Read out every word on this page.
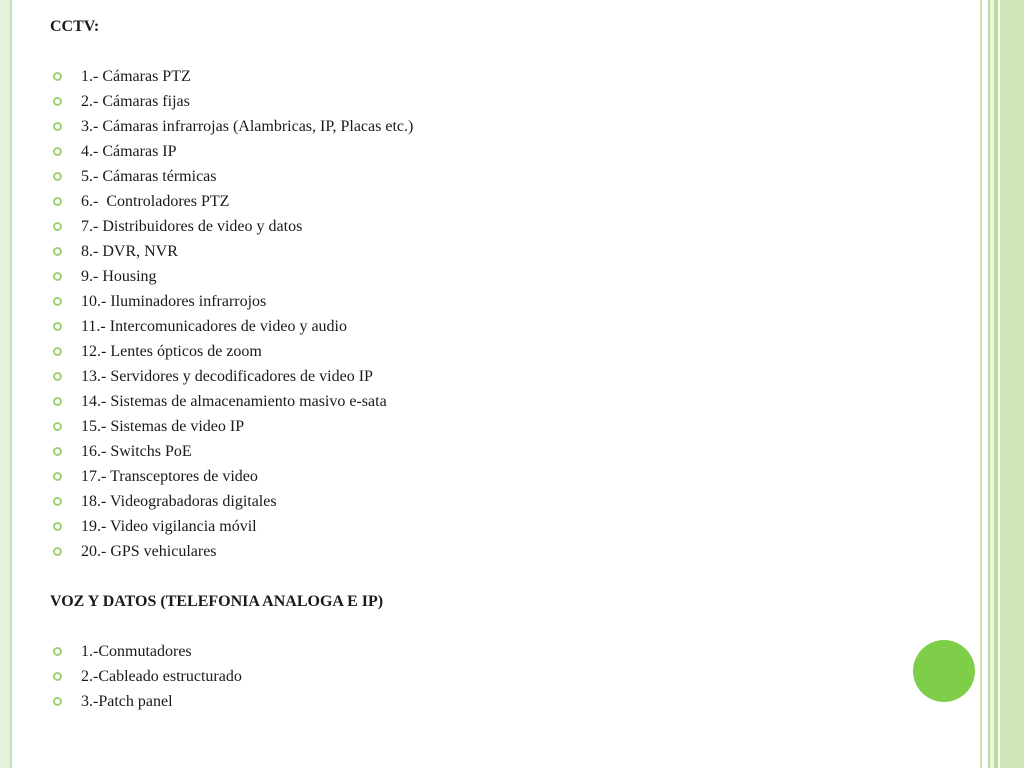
CCTV:
1.- Cámaras PTZ
2.- Cámaras fijas
3.- Cámaras infrarrojas (Alambricas, IP, Placas etc.)
4.- Cámaras IP
5.- Cámaras térmicas
6.-  Controladores PTZ
7.- Distribuidores de video y datos
8.- DVR, NVR
9.- Housing
10.- Iluminadores infrarrojos
11.- Intercomunicadores de video y audio
12.- Lentes ópticos de zoom
13.- Servidores y decodificadores de video IP
14.- Sistemas de almacenamiento masivo e-sata
15.- Sistemas de video IP
16.- Switchs PoE
17.- Transceptores de video
18.- Videograbadoras digitales
19.- Video vigilancia móvil
20.- GPS vehiculares
VOZ Y DATOS (TELEFONIA ANALOGA E IP)
1.-Conmutadores
2.-Cableado estructurado
3.-Patch panel
